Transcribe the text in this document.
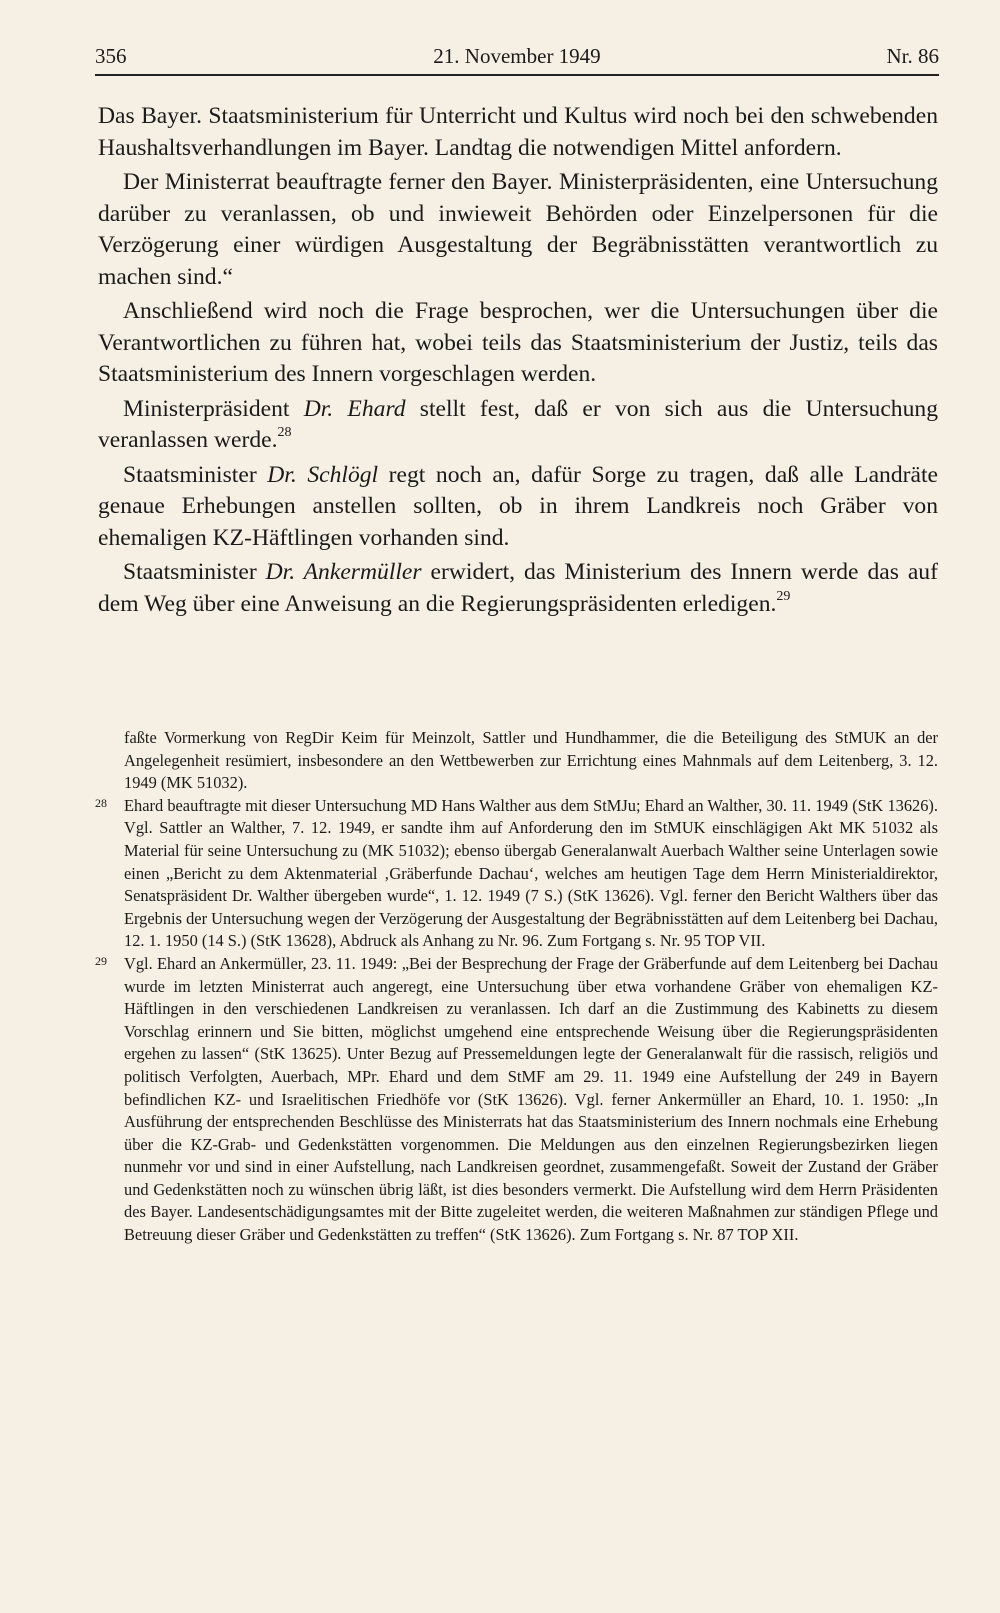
356	21. November 1949	Nr. 86

Das Bayer. Staatsministerium für Unterricht und Kultus wird noch bei den schwebenden Haushaltsverhandlungen im Bayer. Landtag die notwendigen Mittel anfordern.

Der Ministerrat beauftragte ferner den Bayer. Ministerpräsidenten, eine Untersuchung darüber zu veranlassen, ob und inwieweit Behörden oder Einzelpersonen für die Verzögerung einer würdigen Ausgestaltung der Begräbnisstätten verantwortlich zu machen sind.“

Anschließend wird noch die Frage besprochen, wer die Untersuchungen über die Verantwortlichen zu führen hat, wobei teils das Staatsministerium der Justiz, teils das Staatsministerium des Innern vorgeschlagen werden.

Ministerpräsident Dr. Ehard stellt fest, daß er von sich aus die Untersuchung veranlassen werde.$^{28}$

Staatsminister Dr. Schlögl regt noch an, dafür Sorge zu tragen, daß alle Landräte genaue Erhebungen anstellen sollten, ob in ihrem Landkreis noch Gräber von ehemaligen KZ-Häftlingen vorhanden sind.

Staatsminister Dr. Ankermüller erwidert, das Ministerium des Innern werde das auf dem Weg über eine Anweisung an die Regierungspräsidenten erledigen.$^{29}$

faßte Vormerkung von RegDir Keim für Meinzolt, Sattler und Hundhammer, die die Beteiligung des StMUK an der Angelegenheit resümiert, insbesondere an den Wettbewerben zur Errichtung eines Mahnmals auf dem Leitenberg, 3. 12. 1949 (MK 51032).

28 Ehard beauftragte mit dieser Untersuchung MD Hans Walther aus dem StMJu; Ehard an Walther, 30. 11. 1949 (StK 13626). Vgl. Sattler an Walther, 7. 12. 1949, er sandte ihm auf Anforderung den im StMUK einschlägigen Akt MK 51032 als Material für seine Untersuchung zu (MK 51032); ebenso übergab Generalanwalt Auerbach Walther seine Unterlagen sowie einen „Bericht zu dem Aktenmaterial ‚Gräberfunde Dachau‘, welches am heutigen Tage dem Herrn Ministerialdirektor, Senatspräsident Dr. Walther übergeben wurde“, 1. 12. 1949 (7 S.) (StK 13626). Vgl. ferner den Bericht Walthers über das Ergebnis der Untersuchung wegen der Verzögerung der Ausgestaltung der Begräbnisstätten auf dem Leitenberg bei Dachau, 12. 1. 1950 (14 S.) (StK 13628), Abdruck als Anhang zu Nr. 96. Zum Fortgang s. Nr. 95 TOP VII.

29 Vgl. Ehard an Ankermüller, 23. 11. 1949: „Bei der Besprechung der Frage der Gräberfunde auf dem Leitenberg bei Dachau wurde im letzten Ministerrat auch angeregt, eine Untersuchung über etwa vorhandene Gräber von ehemaligen KZ-Häftlingen in den verschiedenen Landkreisen zu veranlassen. Ich darf an die Zustimmung des Kabinetts zu diesem Vorschlag erinnern und Sie bitten, möglichst umgehend eine entsprechende Weisung über die Regierungspräsidenten ergehen zu lassen“ (StK 13625). Unter Bezug auf Pressemeldungen legte der Generalanwalt für die rassisch, religiös und politisch Verfolgten, Auerbach, MPr. Ehard und dem StMF am 29. 11. 1949 eine Aufstellung der 249 in Bayern befindlichen KZ- und Israelitischen Friedhöfe vor (StK 13626). Vgl. ferner Ankermüller an Ehard, 10. 1. 1950: „In Ausführung der entsprechenden Beschlüsse des Ministerrats hat das Staatsministerium des Innern nochmals eine Erhebung über die KZ-Grab- und Gedenkstätten vorgenommen. Die Meldungen aus den einzelnen Regierungsbezirken liegen nunmehr vor und sind in einer Aufstellung, nach Landkreisen geordnet, zusammengefaßt. Soweit der Zustand der Gräber und Gedenkstätten noch zu wünschen übrig läßt, ist dies besonders vermerkt. Die Aufstellung wird dem Herrn Präsidenten des Bayer. Landesentschädigungsamtes mit der Bitte zugeleitet werden, die weiteren Maßnahmen zur ständigen Pflege und Betreuung dieser Gräber und Gedenkstätten zu treffen“ (StK 13626). Zum Fortgang s. Nr. 87 TOP XII.
